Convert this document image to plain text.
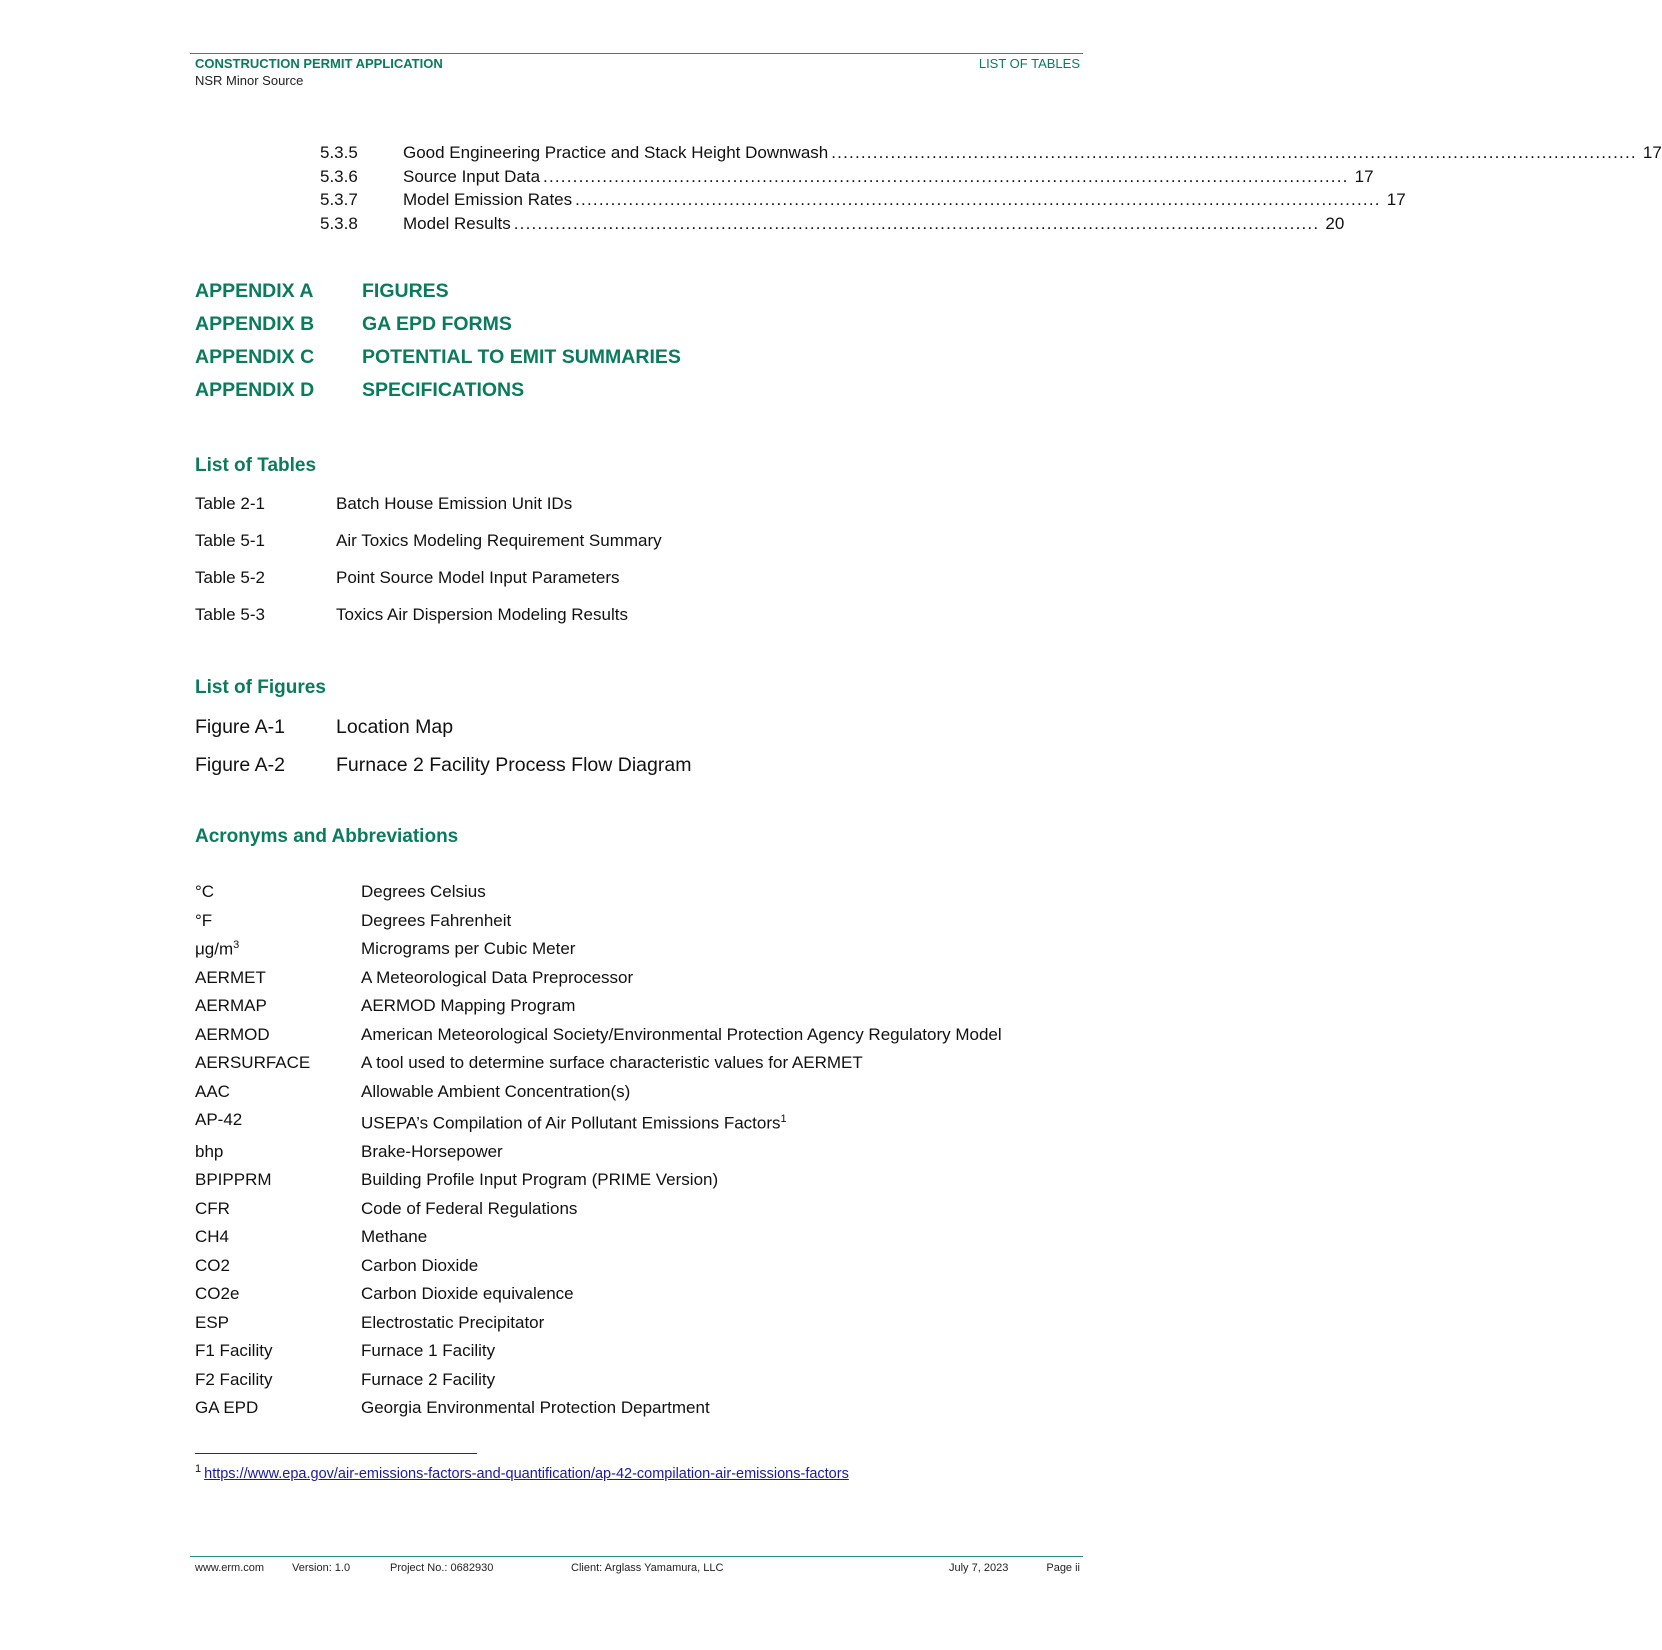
CONSTRUCTION PERMIT APPLICATION
NSR Minor Source
LIST OF TABLES
5.3.5	Good Engineering Practice and Stack Height Downwash ........................................................................................................................................ 17
5.3.6	Source Input Data ........................................................................................................................................ 17
5.3.7	Model Emission Rates ........................................................................................................................................ 17
5.3.8	Model Results ........................................................................................................................................ 20
APPENDIX A	FIGURES
APPENDIX B	GA EPD FORMS
APPENDIX C	POTENTIAL TO EMIT SUMMARIES
APPENDIX D	SPECIFICATIONS
List of Tables
Table 2-1	Batch House Emission Unit IDs
Table 5-1	Air Toxics Modeling Requirement Summary
Table 5-2	Point Source Model Input Parameters
Table 5-3	Toxics Air Dispersion Modeling Results
List of Figures
Figure A-1	Location Map
Figure A-2	Furnace 2 Facility Process Flow Diagram
Acronyms and Abbreviations
°C	Degrees Celsius
°F	Degrees Fahrenheit
$\mu g/m^3$	Micrograms per Cubic Meter
AERMET	A Meteorological Data Preprocessor
AERMAP	AERMOD Mapping Program
AERMOD	American Meteorological Society/Environmental Protection Agency Regulatory Model
AERSURFACE	A tool used to determine surface characteristic values for AERMET
AAC	Allowable Ambient Concentration(s)
AP-42	USEPA’s Compilation of Air Pollutant Emissions Factors$^1$
bhp	Brake-Horsepower
BPIPPRM	Building Profile Input Program (PRIME Version)
CFR	Code of Federal Regulations
CH4	Methane
CO2	Carbon Dioxide
CO2e	Carbon Dioxide equivalence
ESP	Electrostatic Precipitator
F1 Facility	Furnace 1 Facility
F2 Facility	Furnace 2 Facility
GA EPD	Georgia Environmental Protection Department
$^1$ https://www.epa.gov/air-emissions-factors-and-quantification/ap-42-compilation-air-emissions-factors
www.erm.com	Version: 1.0	Project No.: 0682930	Client: Arglass Yamamura, LLC	July 7, 2023	Page ii
